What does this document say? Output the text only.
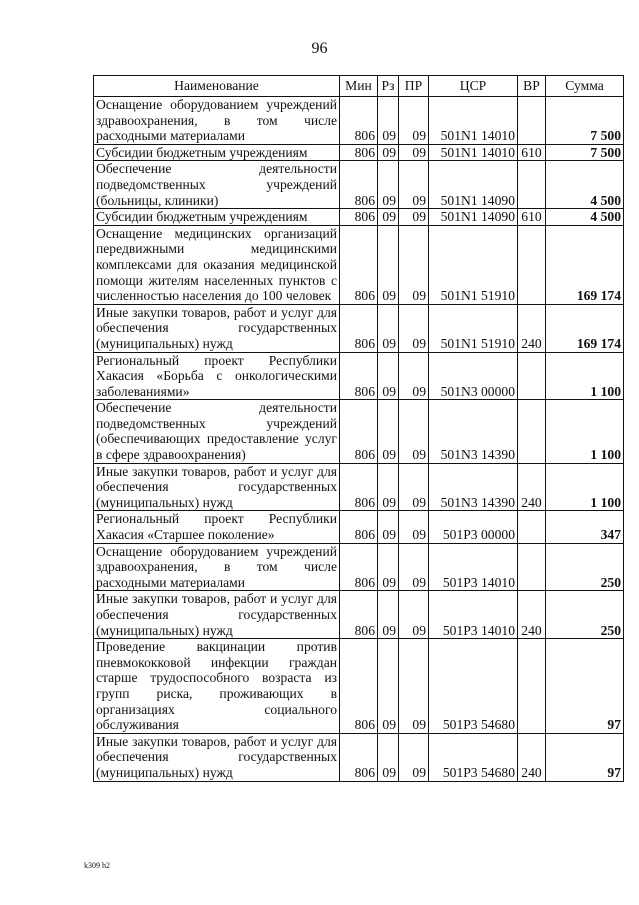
96
Наименование	Мин	Рз	ПР	ЦСР	ВР	Сумма
Оснащение оборудованием учреждений здравоохранения, в том числе расходными материалами	806	09	09	501N1 14010		7 500
Субсидии бюджетным учреждениям	806	09	09	501N1 14010	610	7 500
Обеспечение деятельности подведомственных учреждений (больницы, клиники)	806	09	09	501N1 14090		4 500
Субсидии бюджетным учреждениям	806	09	09	501N1 14090	610	4 500
Оснащение медицинских организаций передвижными медицинскими комплексами для оказания медицинской помощи жителям населенных пунктов с численностью населения до 100 человек	806	09	09	501N1 51910		169 174
Иные закупки товаров, работ и услуг для обеспечения государственных (муниципальных) нужд	806	09	09	501N1 51910	240	169 174
Региональный проект Республики Хакасия «Борьба с онкологическими заболеваниями»	806	09	09	501N3 00000		1 100
Обеспечение деятельности подведомственных учреждений (обеспечивающих предоставление услуг в сфере здравоохранения)	806	09	09	501N3 14390		1 100
Иные закупки товаров, работ и услуг для обеспечения государственных (муниципальных) нужд	806	09	09	501N3 14390	240	1 100
Региональный проект Республики Хакасия «Старшее поколение»	806	09	09	501P3 00000		347
Оснащение оборудованием учреждений здравоохранения, в том числе расходными материалами	806	09	09	501P3 14010		250
Иные закупки товаров, работ и услуг для обеспечения государственных (муниципальных) нужд	806	09	09	501P3 14010	240	250
Проведение вакцинации против пневмококковой инфекции граждан старше трудоспособного возраста из групп риска, проживающих в организациях социального обслуживания	806	09	09	501P3 54680		97
Иные закупки товаров, работ и услуг для обеспечения государственных (муниципальных) нужд	806	09	09	501P3 54680	240	97
k309 h2
